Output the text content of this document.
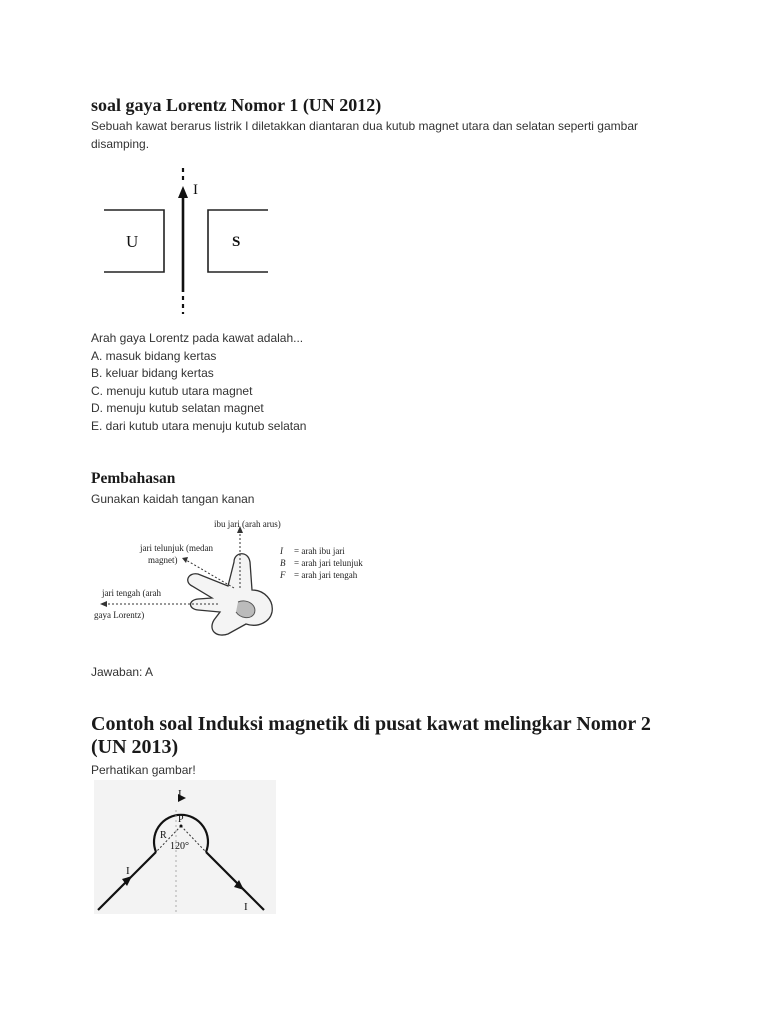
soal gaya Lorentz Nomor 1 (UN 2012)
Sebuah kawat berarus listrik I diletakkan diantaran dua kutub magnet utara dan selatan seperti gambar disamping.
I
U	S
Arah gaya Lorentz pada kawat adalah...
A. masuk bidang kertas
B. keluar bidang kertas
C. menuju kutub utara magnet
D. menuju kutub selatan magnet
E. dari kutub utara menuju kutub selatan
Pembahasan
Gunakan kaidah tangan kanan
ibu jari (arah arus)
jari telunjuk (medan
magnet)
jari tengah (arah
gaya Lorentz)
I = arah ibu jari
B = arah jari telunjuk
F = arah jari tengah
Jawaban: A
Contoh soal Induksi magnetik di pusat kawat melingkar Nomor 2 (UN 2013)
Perhatikan gambar!
I
P
R
120°
I
I
